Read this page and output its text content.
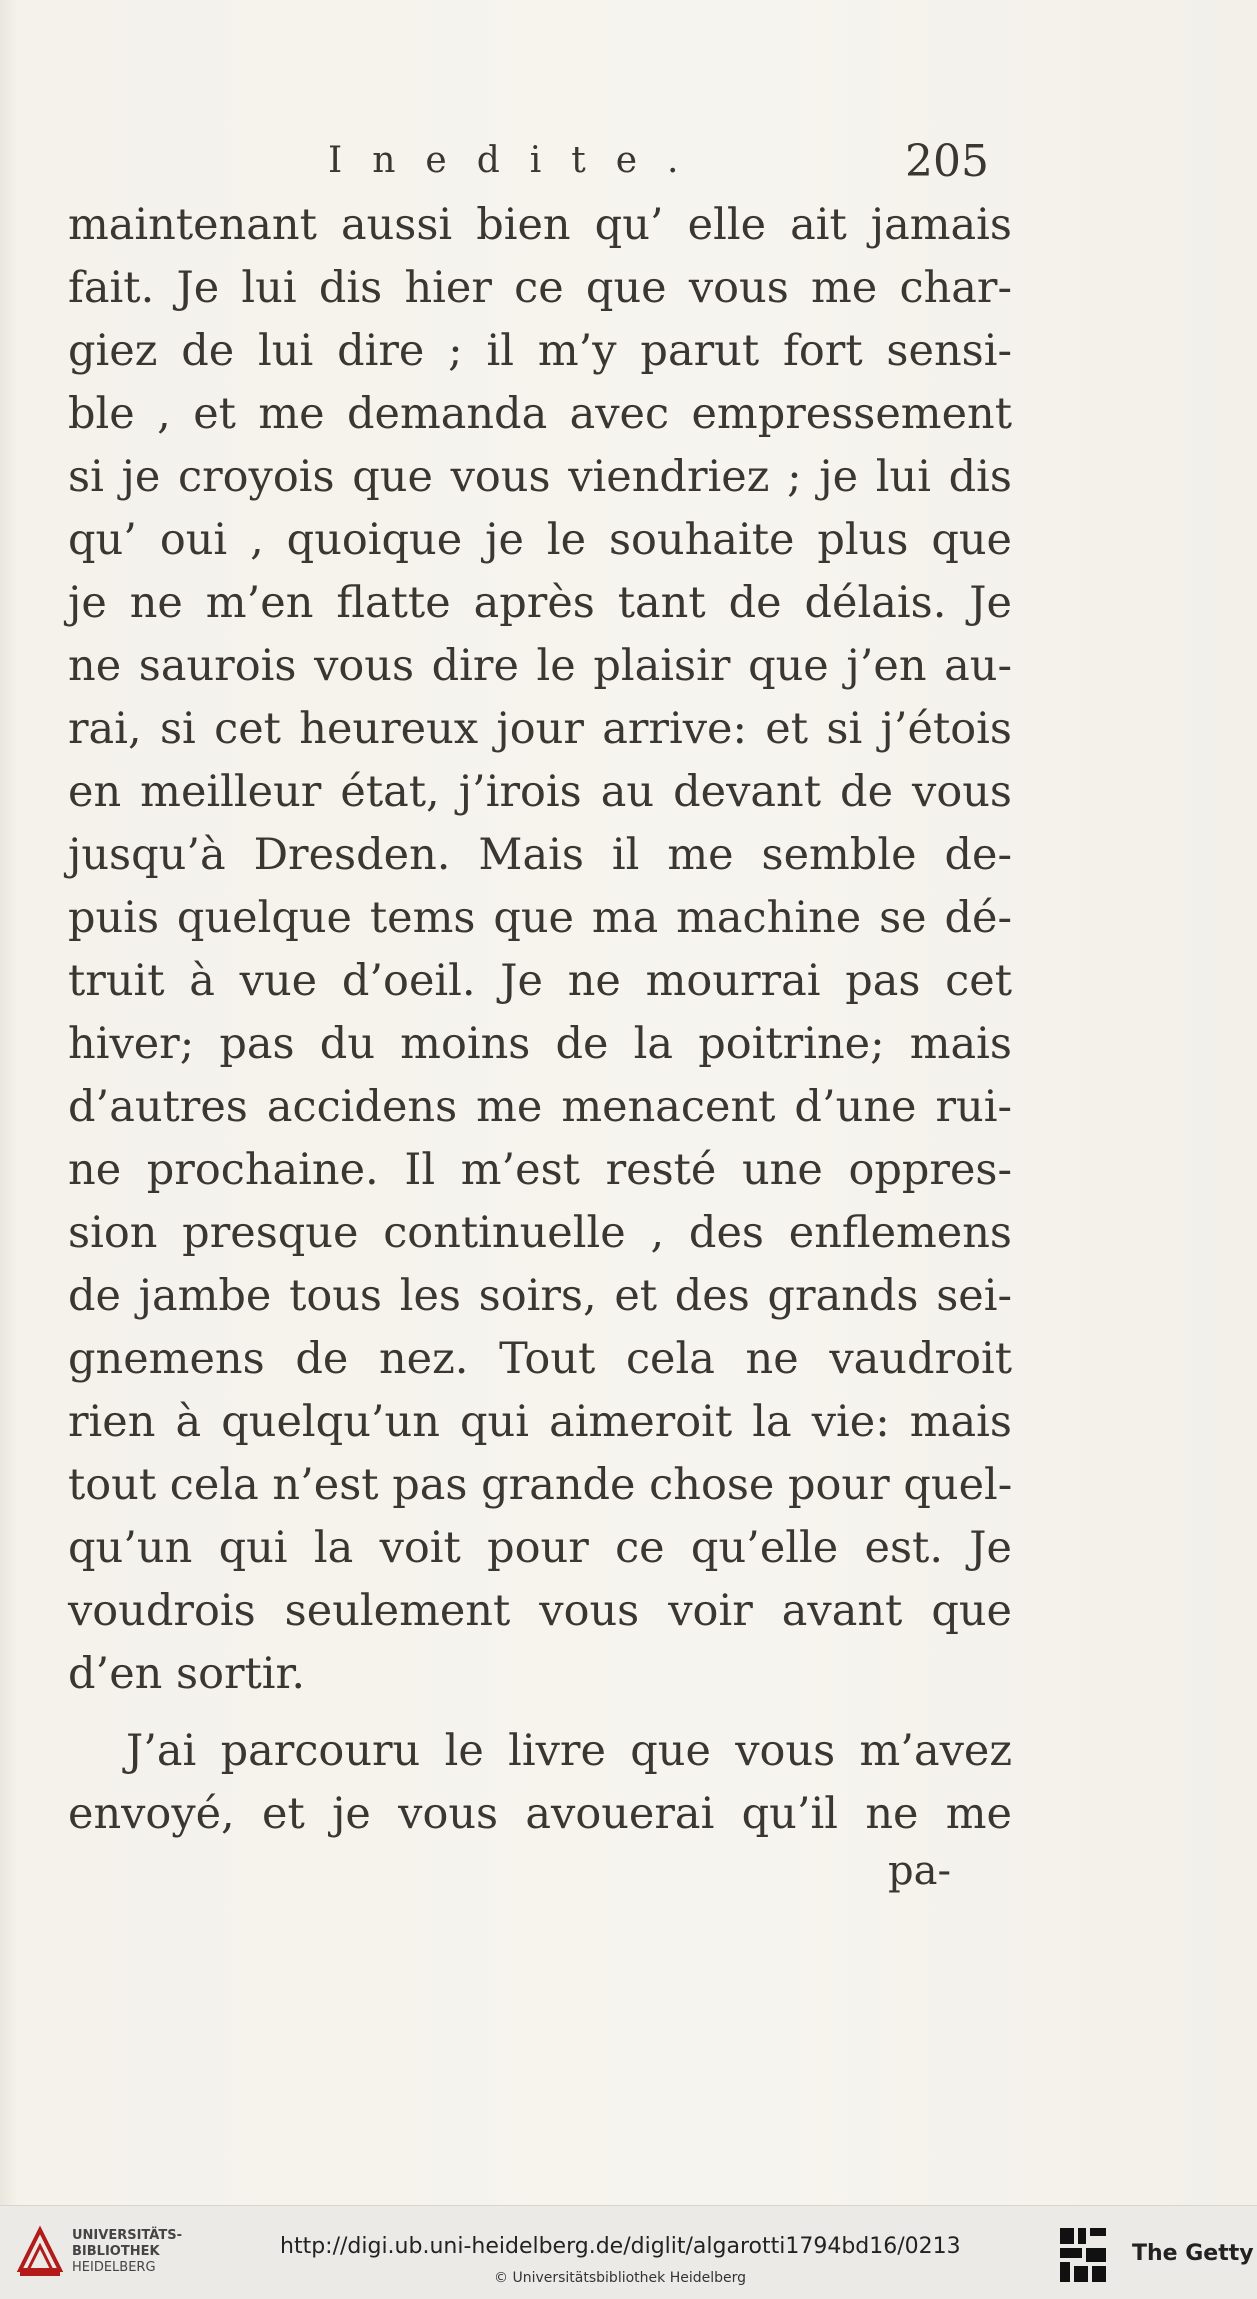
Inedite.	205
maintenant aussi bien qu’ elle ait jamais
fait. Je lui dis hier ce que vous me char-
giez de lui dire ; il m’y parut fort sensi-
ble , et me demanda avec empressement
si je croyois que vous viendriez ; je lui dis
qu’ oui , quoique je le souhaite plus que
je ne m’en flatte après tant de délais. Je
ne saurois vous dire le plaisir que j’en au-
rai, si cet heureux jour arrive: et si j’étois
en meilleur état, j’irois au devant de vous
jusqu’à Dresden. Mais il me semble de-
puis quelque tems que ma machine se dé-
truit à vue d’oeil. Je ne mourrai pas cet
hiver; pas du moins de la poitrine; mais
d’autres accidens me menacent d’une rui-
ne prochaine. Il m’est resté une oppres-
sion presque continuelle , des enflemens
de jambe tous les soirs, et des grands sei-
gnemens de nez. Tout cela ne vaudroit
rien à quelqu’un qui aimeroit la vie: mais
tout cela n’est pas grande chose pour quel-
qu’un qui la voit pour ce qu’elle est. Je
voudrois seulement vous voir avant que
d’en sortir.
J’ai parcouru le livre que vous m’avez
envoyé, et je vous avouerai qu’il ne me
pa-
UNIVERSITÄTS-
BIBLIOTHEK
HEIDELBERG
http://digi.ub.uni-heidelberg.de/diglit/algarotti1794bd16/0213
© Universitätsbibliothek Heidelberg
The Getty
